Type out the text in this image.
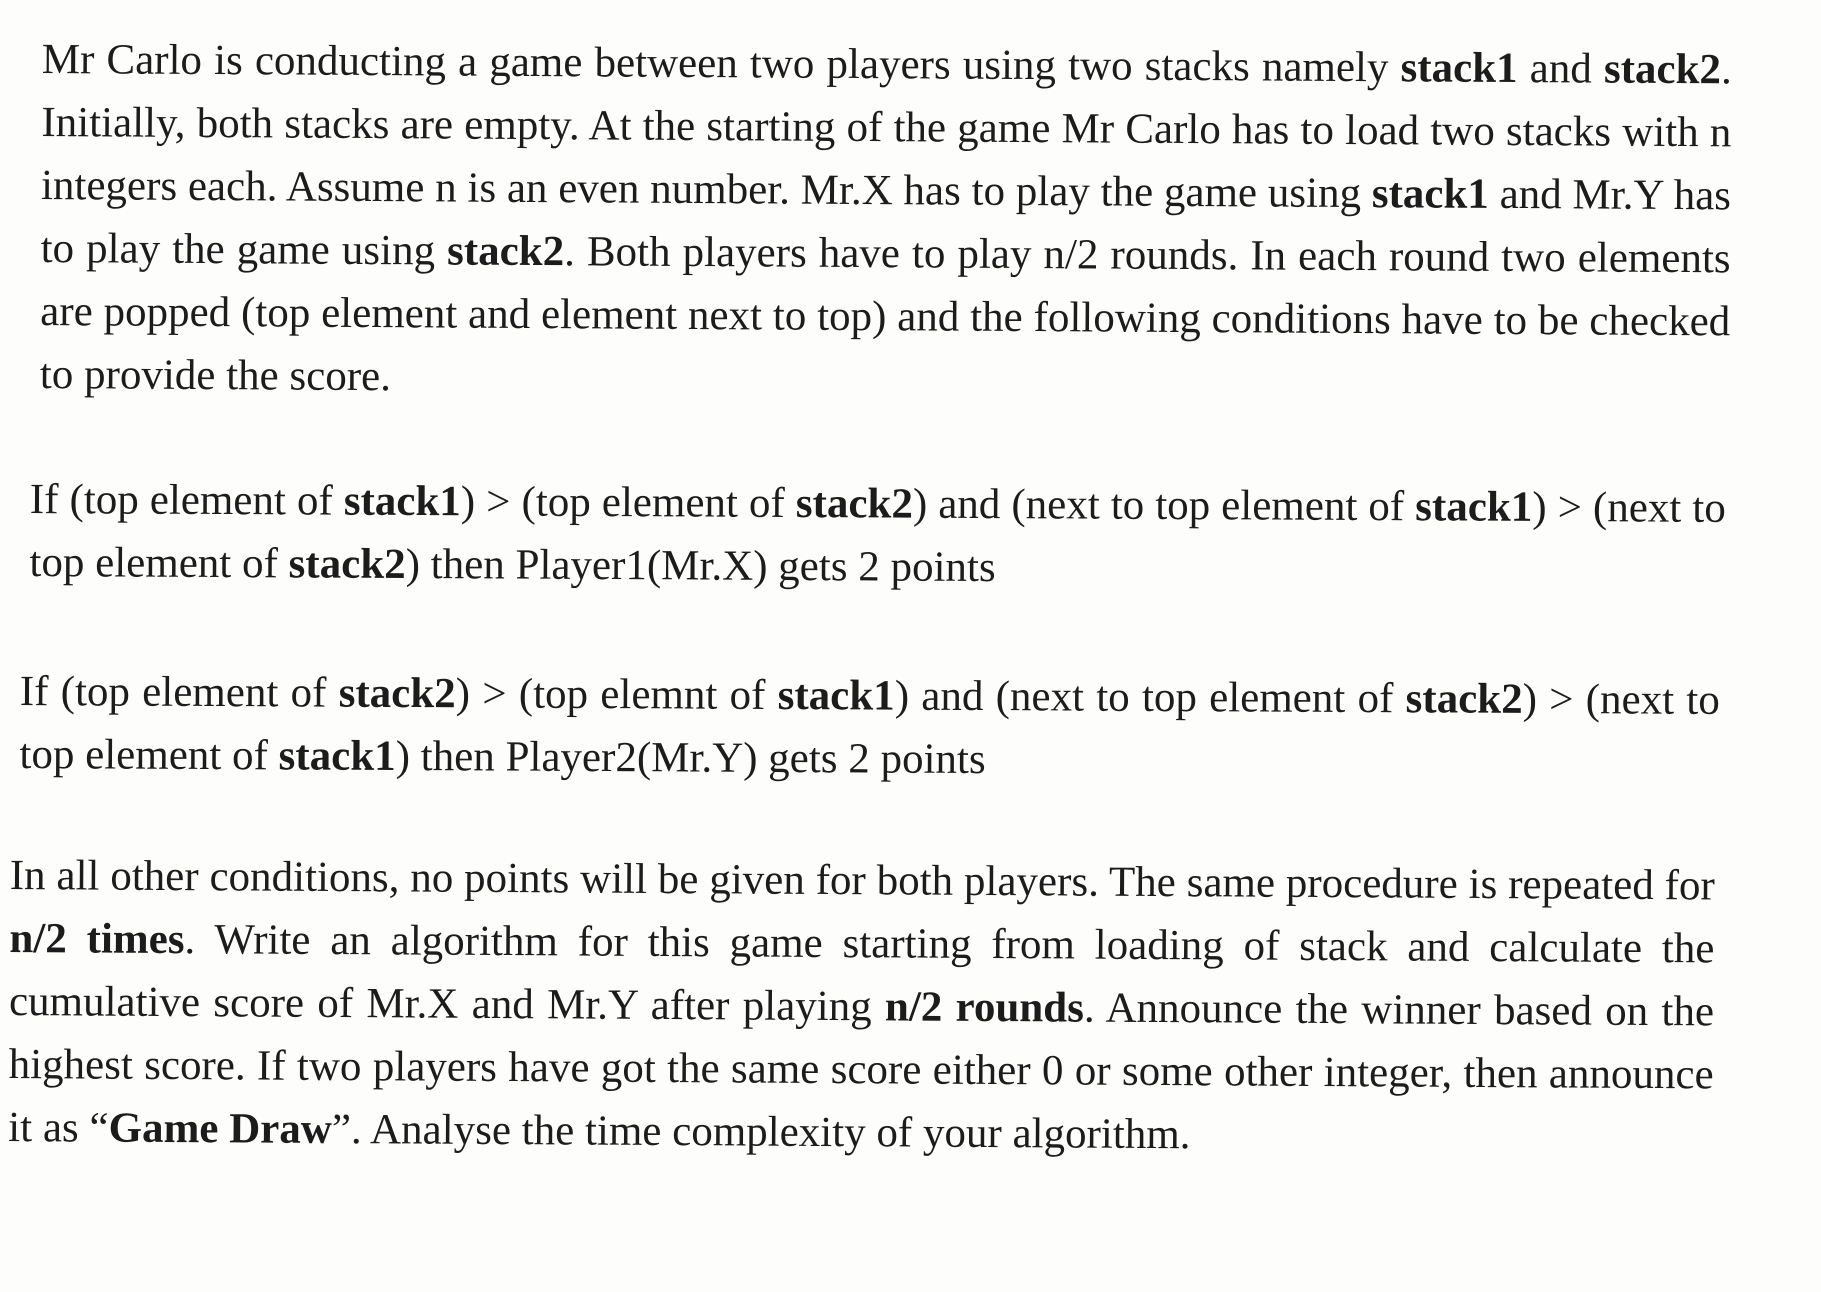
Mr Carlo is conducting a game between two players using two stacks namely stack1 and stack2. Initially, both stacks are empty. At the starting of the game Mr Carlo has to load two stacks with n integers each. Assume n is an even number. Mr.X has to play the game using stack1 and Mr.Y has to play the game using stack2. Both players have to play n/2 rounds. In each round two elements are popped (top element and element next to top) and the following conditions have to be checked to provide the score.

If (top element of stack1) > (top element of stack2) and (next to top element of stack1) > (next to top element of stack2) then Player1(Mr.X) gets 2 points

If (top element of stack2) > (top elemnt of stack1) and (next to top element of stack2) > (next to top element of stack1) then Player2(Mr.Y) gets 2 points

In all other conditions, no points will be given for both players. The same procedure is repeated for n/2 times. Write an algorithm for this game starting from loading of stack and calculate the cumulative score of Mr.X and Mr.Y after playing n/2 rounds. Announce the winner based on the highest score. If two players have got the same score either 0 or some other integer, then announce it as “Game Draw”. Analyse the time complexity of your algorithm.
